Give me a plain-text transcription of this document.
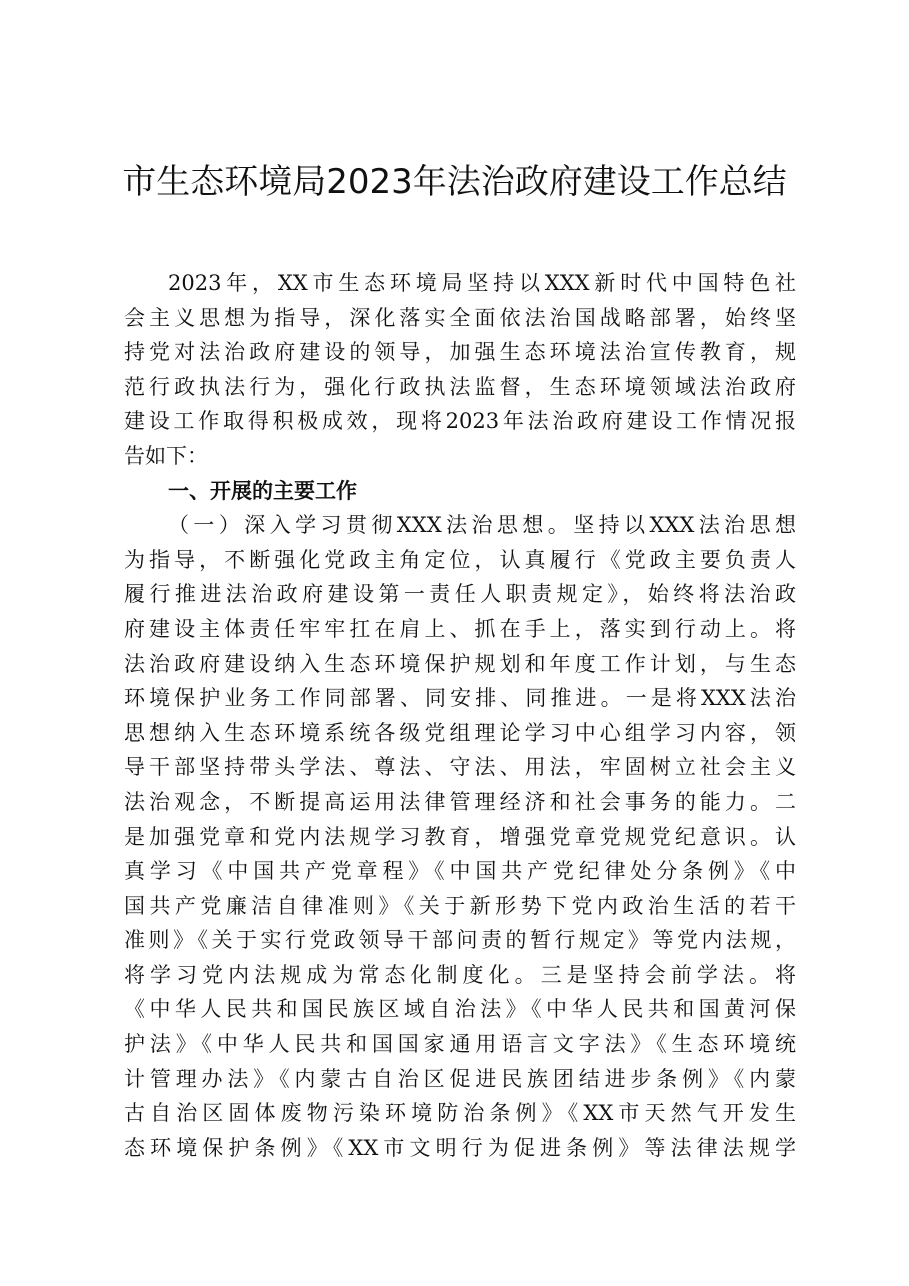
市生态环境局2023年法治政府建设工作总结
2023年，XX市生态环境局坚持以XXX新时代中国特色社
会主义思想为指导，深化落实全面依法治国战略部署，始终坚
持党对法治政府建设的领导，加强生态环境法治宣传教育，规
范行政执法行为，强化行政执法监督，生态环境领域法治政府
建设工作取得积极成效，现将2023年法治政府建设工作情况报
告如下：
一、开展的主要工作
（一）深入学习贯彻XXX法治思想。坚持以XXX法治思想
为指导，不断强化党政主角定位，认真履行《党政主要负责人
履行推进法治政府建设第一责任人职责规定》，始终将法治政
府建设主体责任牢牢扛在肩上、抓在手上，落实到行动上。将
法治政府建设纳入生态环境保护规划和年度工作计划，与生态
环境保护业务工作同部署、同安排、同推进。一是将XXX法治
思想纳入生态环境系统各级党组理论学习中心组学习内容，领
导干部坚持带头学法、尊法、守法、用法，牢固树立社会主义
法治观念，不断提高运用法律管理经济和社会事务的能力。二
是加强党章和党内法规学习教育，增强党章党规党纪意识。认
真学习《中国共产党章程》《中国共产党纪律处分条例》《中
国共产党廉洁自律准则》《关于新形势下党内政治生活的若干
准则》《关于实行党政领导干部问责的暂行规定》等党内法规，
将学习党内法规成为常态化制度化。三是坚持会前学法。将
《中华人民共和国民族区域自治法》《中华人民共和国黄河保
护法》《中华人民共和国国家通用语言文字法》《生态环境统
计管理办法》《内蒙古自治区促进民族团结进步条例》《内蒙
古自治区固体废物污染环境防治条例》《XX市天然气开发生
态环境保护条例》《XX市文明行为促进条例》等法律法规学
